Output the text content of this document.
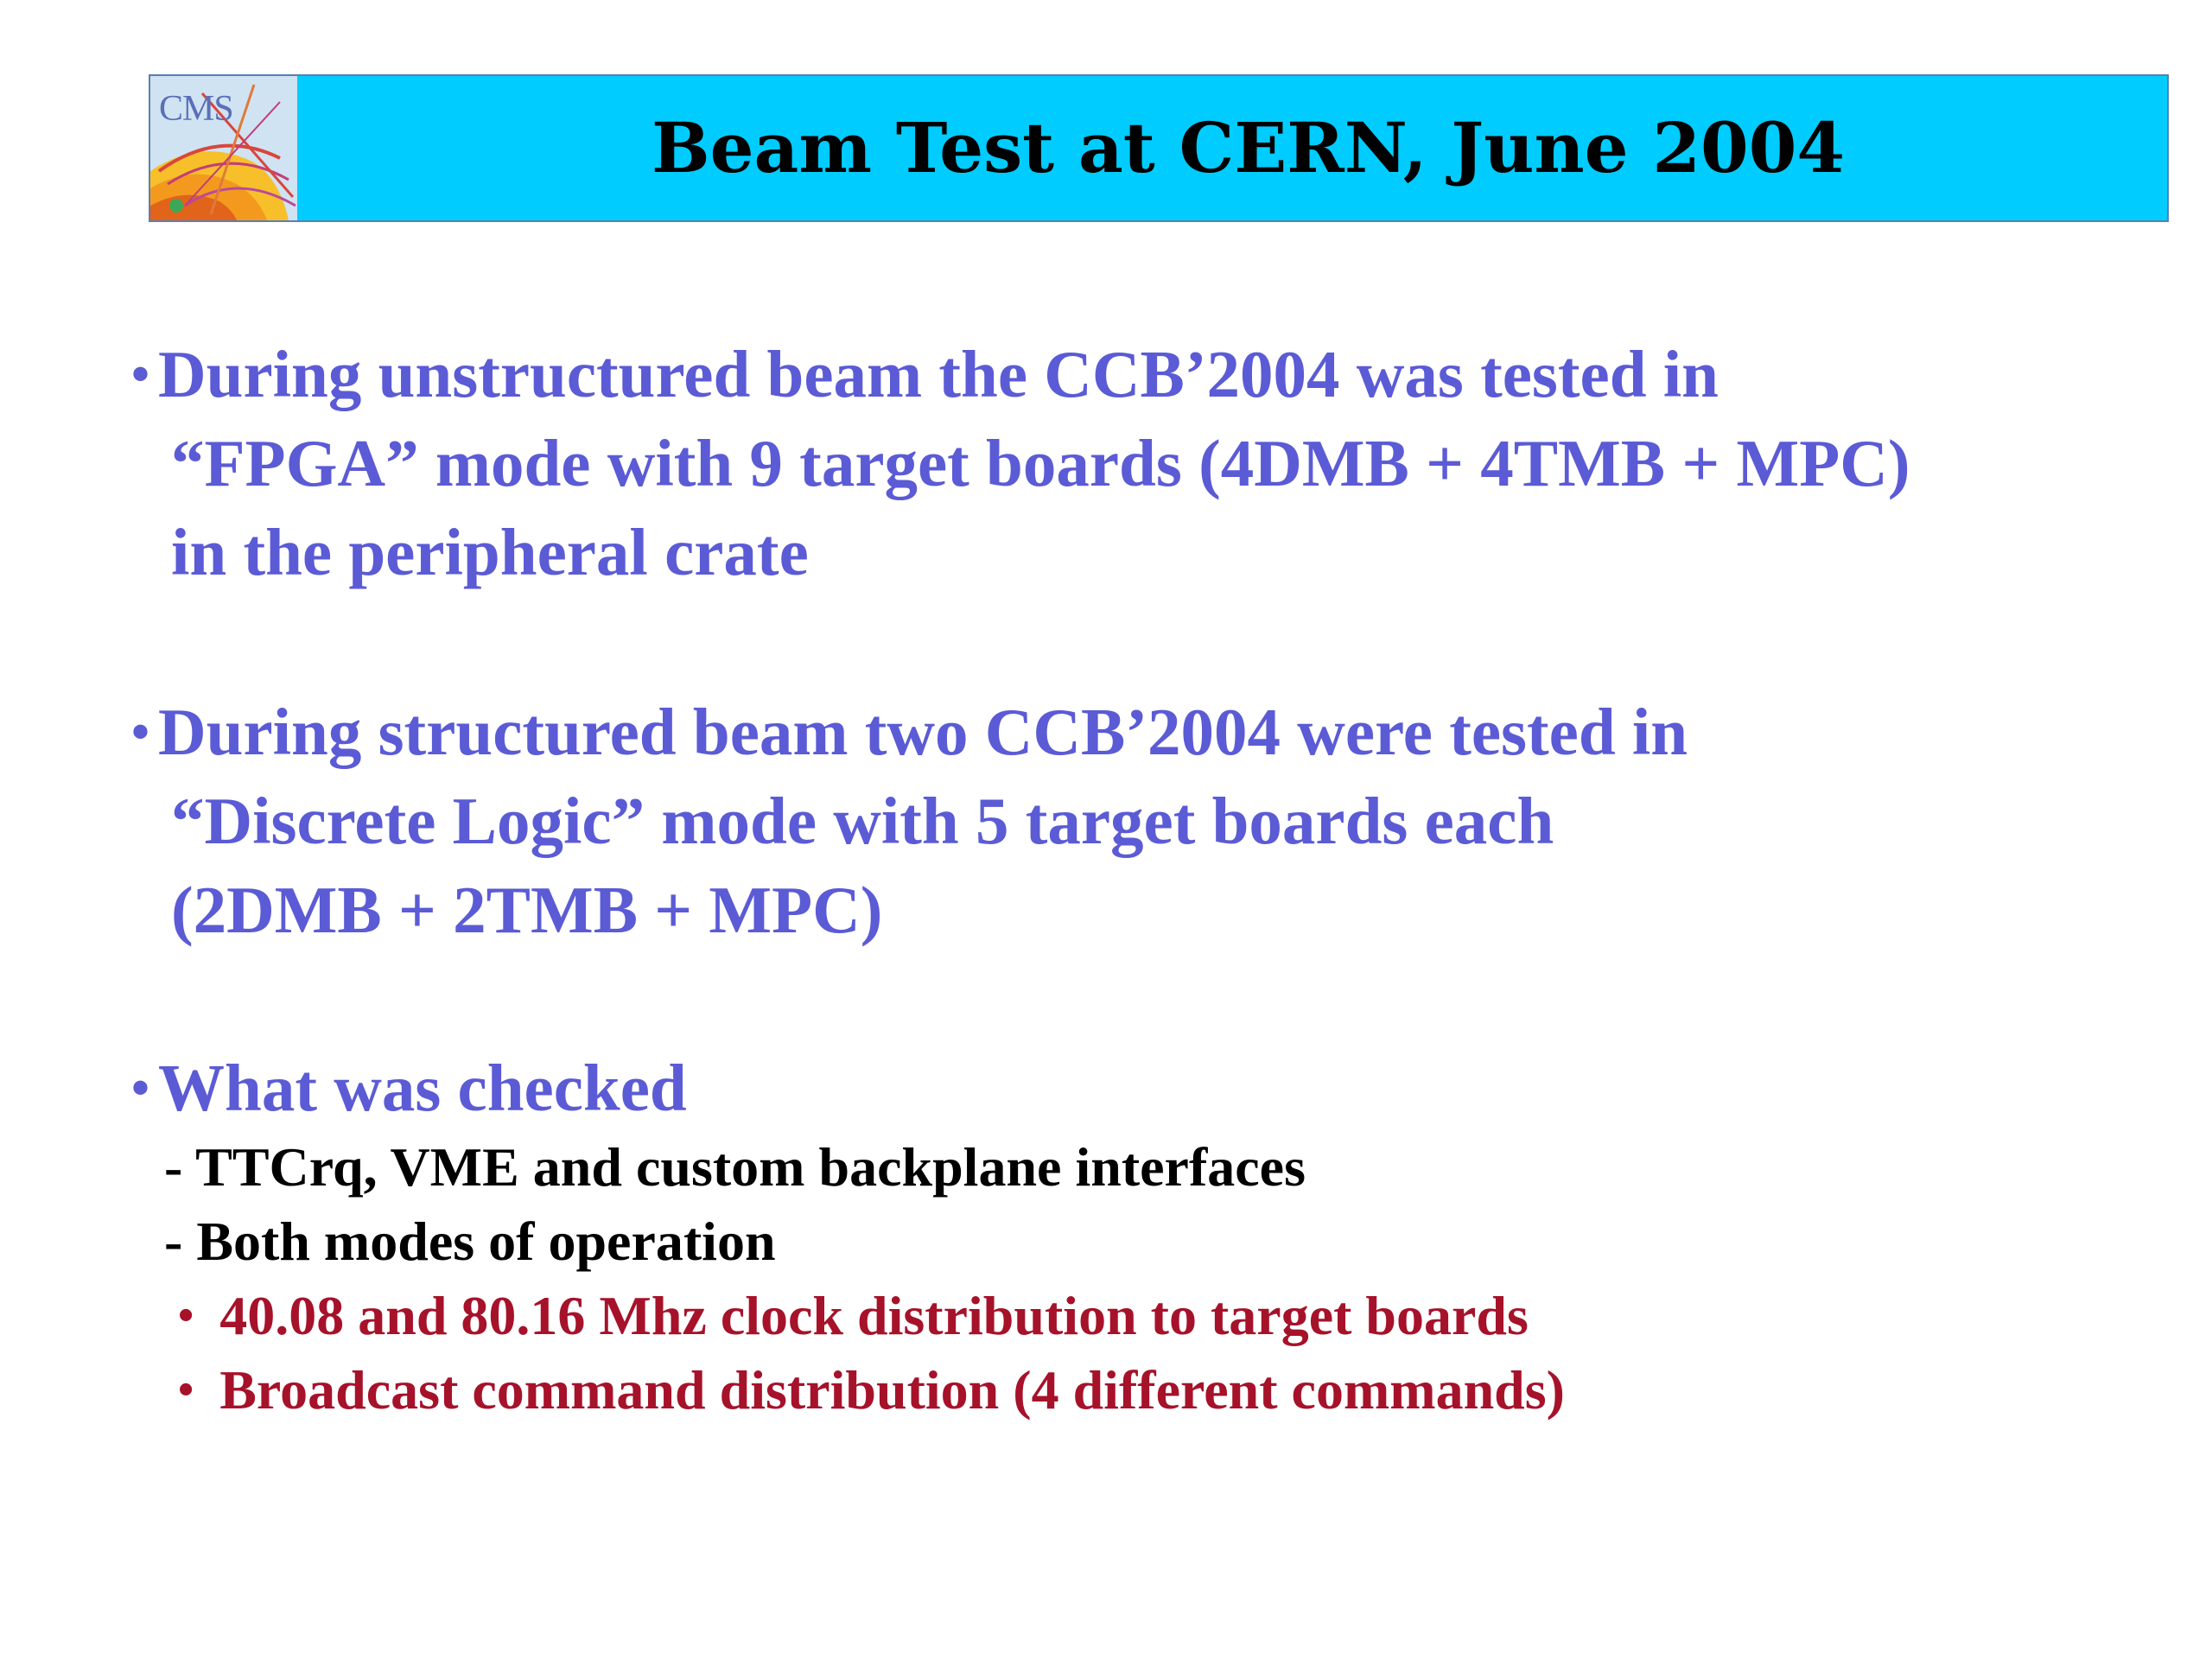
CMS	Beam Test at CERN, June 2004
• During unstructured beam the CCB’2004 was tested in
“FPGA” mode with 9 target boards (4DMB + 4TMB + MPC)
in the peripheral crate
• During structured beam two CCB’2004 were tested in
“Discrete Logic” mode with 5 target boards each
(2DMB + 2TMB + MPC)
• What was checked
- TTCrq, VME and custom backplane interfaces
- Both modes of operation
• 40.08 and 80.16 Mhz clock distribution to target boards
• Broadcast command distribution (4 different commands)
